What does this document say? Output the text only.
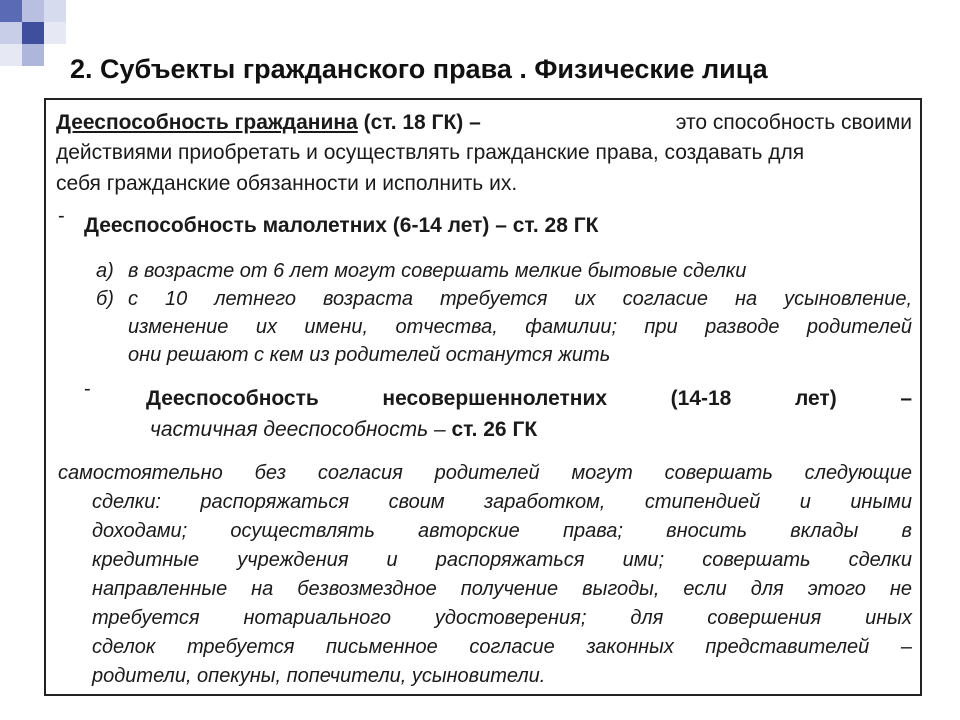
2. Субъекты гражданского права . Физические лица

Дееспособность гражданина (ст. 18 ГК) –	это способность своими

действиями приобретать и осуществлять гражданские права, создавать для

себя гражданские обязанности и исполнить их.

- Дееспособность малолетних (6-14 лет) – ст. 28 ГК

а) в возрасте от 6 лет могут совершать мелкие бытовые сделки

б) с 10 летнего возраста требуется их согласие на усыновление,

изменение их имени, отчества, фамилии; при разводе родителей

они решают с кем из родителей останутся жить

-	Дееспособность несовершеннолетних (14-18 лет) –

частичная дееспособность – ст. 26 ГК

самостоятельно без согласия родителей могут совершать следующие

сделки: распоряжаться своим заработком, стипендией и иными

доходами; осуществлять авторские права; вносить вклады в

кредитные учреждения и распоряжаться ими; совершать сделки

направленные на безвозмездное получение выгоды, если для этого не

требуется нотариального удостоверения; для совершения иных

сделок требуется письменное согласие законных представителей –

родители, опекуны, попечители, усыновители.
